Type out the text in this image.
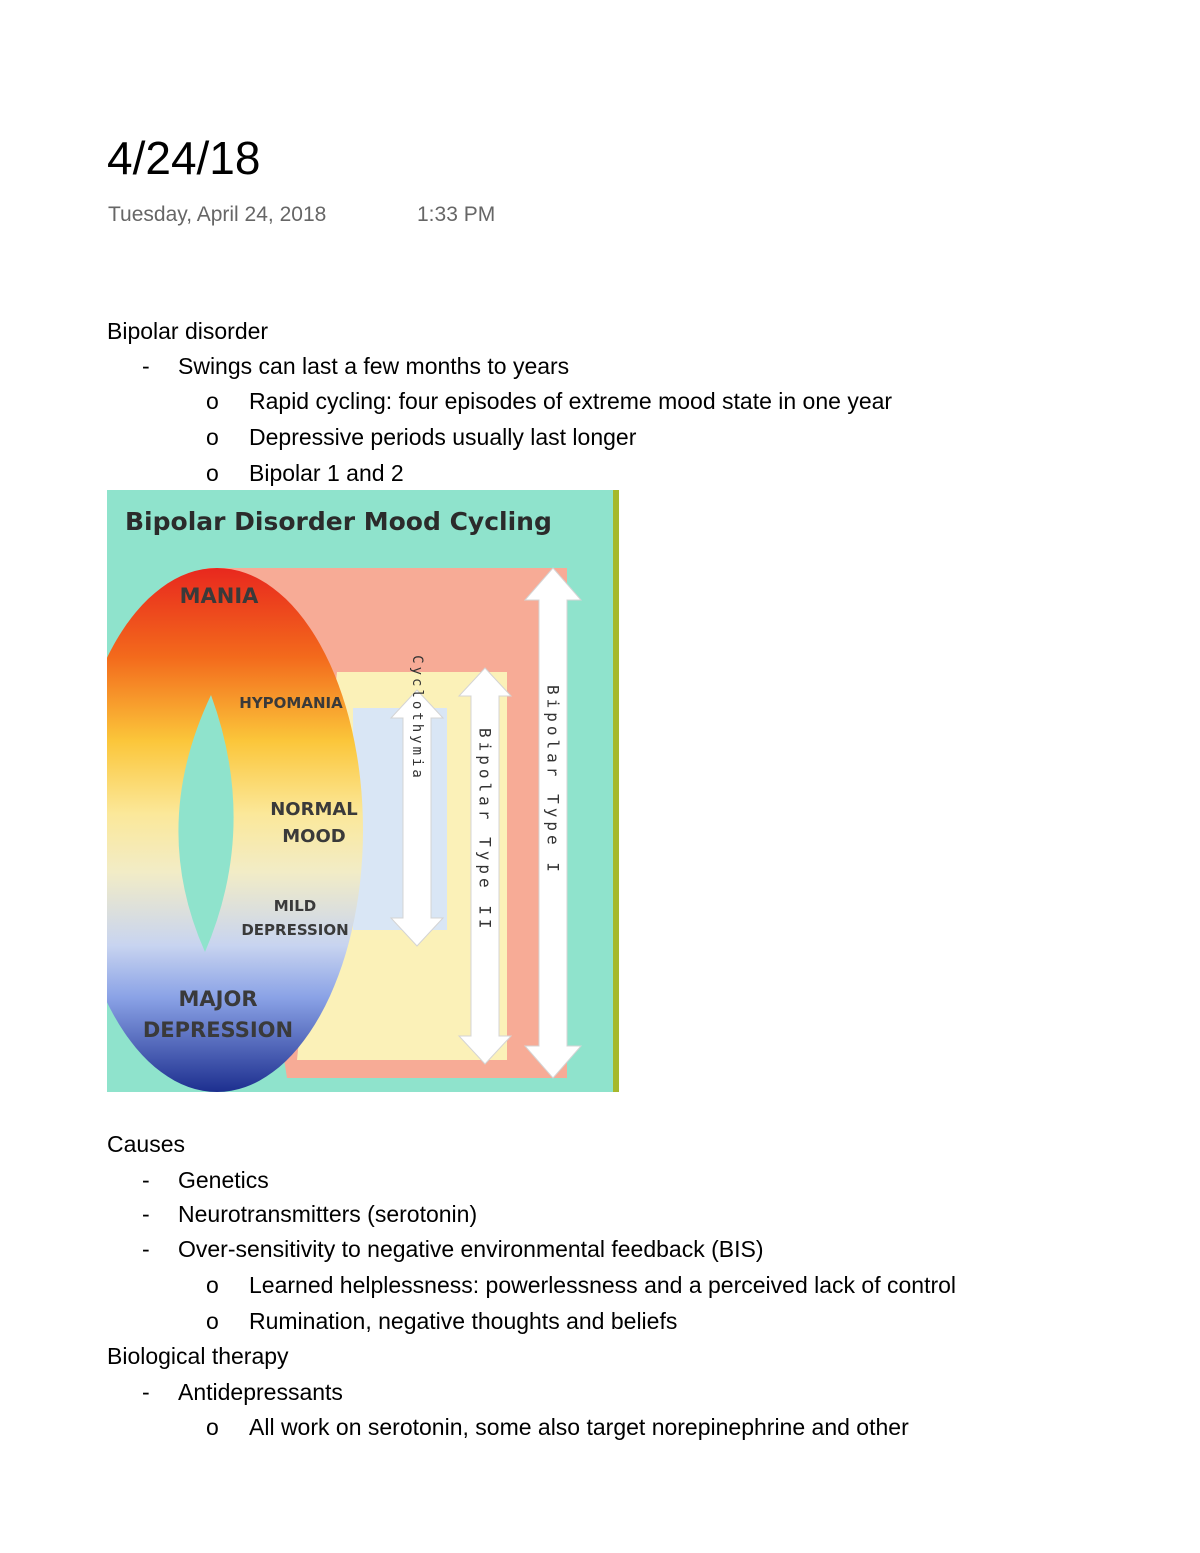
4/24/18
Tuesday, April 24, 2018	1:33 PM
Bipolar disorder
- Swings can last a few months to years
o Rapid cycling: four episodes of extreme mood state in one year
o Depressive periods usually last longer
o Bipolar 1 and 2
Bipolar Disorder Mood Cycling
MANIA
HYPOMANIA
NORMAL
MOOD
MILD
DEPRESSION
MAJOR
DEPRESSION
Cyclothymia
Bipolar Type II	Bipolar Type I
Causes
- Genetics
- Neurotransmitters (serotonin)
- Over-sensitivity to negative environmental feedback (BIS)
o Learned helplessness: powerlessness and a perceived lack of control
o Rumination, negative thoughts and beliefs
Biological therapy
- Antidepressants
o All work on serotonin, some also target norepinephrine and other
